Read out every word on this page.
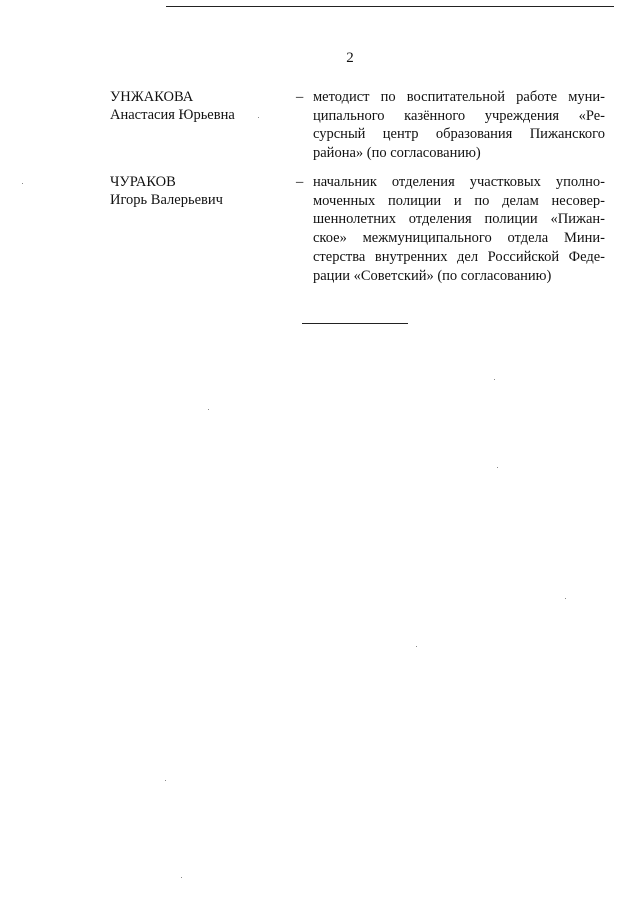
2
УНЖАКОВА
Анастасия Юрьевна
– методист по воспитательной работе муни-
ципального казённого учреждения «Ре-
сурсный центр образования Пижанского
района» (по согласованию)
ЧУРАКОВ
Игорь Валерьевич
– начальник отделения участковых уполно-
моченных полиции и по делам несовер-
шеннолетних отделения полиции «Пижан-
ское» межмуниципального отдела Мини-
стерства внутренних дел Российской Феде-
рации «Советский» (по согласованию)
